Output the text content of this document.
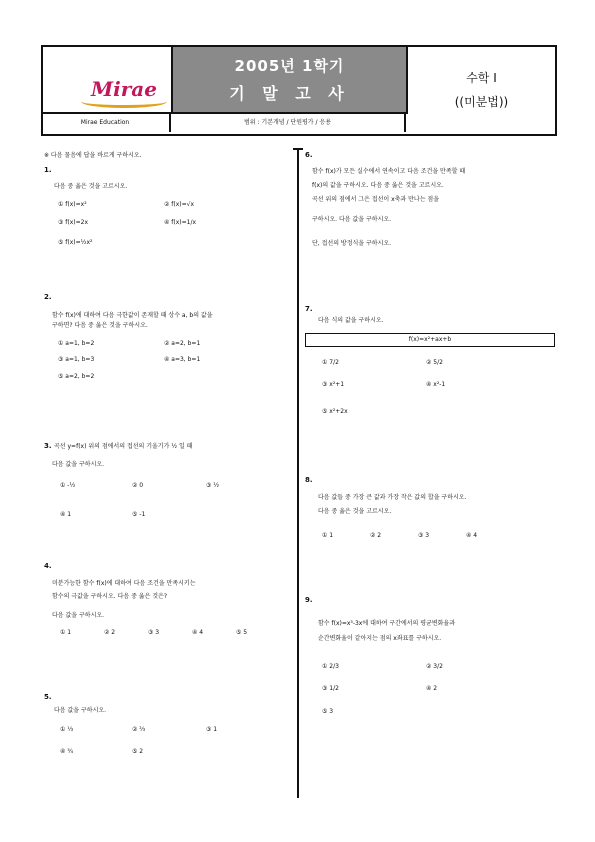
Mirae
2005년 1학기
기 말 고 사
수학 I
((미분법))
Mirae Education	범위 : 기본개념 / 단원평가 / 응용
※ 다음 물음에 답을 바르게 구하시오.
1.
다음 중 옳은 것을 고르시오.
① f(x)=x²	② f(x)=√x
③ f(x)=2x	④ f(x)=1/x
⑤ f(x)=½x²
2.
함수 f(x)에 대하여 다음 극한값이 존재할 때 상수 a, b의 값을
구하면? 다음 중 옳은 것을 구하시오.
① a=1, b=2	② a=2, b=1
③ a=1, b=3	④ a=3, b=1
⑤ a=2, b=2
3. 곡선 y=f(x) 위의 점에서의 접선의 기울기가 ½ 일 때
다음 값을 구하시오.
① -½	② 0	③ ½
④ 1	⑤ -1
4.
미분가능한 함수 f(x)에 대하여 다음 조건을 만족시키는
함수의 극값을 구하시오. 다음 중 옳은 것은?
다음 값을 구하시오.
① 1	② 2	③ 3	④ 4	⑤ 5
5.
다음 값을 구하시오.
① ⅓	② ⅔	③ 1
④ ¾	⑤ 2
6.
함수 f(x)가 모든 실수에서 연속이고 다음 조건을 만족할 때
f(x)의 값을 구하시오. 다음 중 옳은 것을 고르시오.
곡선 위의 점에서 그은 접선이 x축과 만나는 점을
구하시오. 다음 값을 구하시오.
단, 접선의 방정식을 구하시오.
7.
다음 식의 값을 구하시오.
f(x)=x²+ax+b
① 7/2	② 5/2
③ x²+1	④ x²-1
⑤ x²+2x
8.
다음 값들 중 가장 큰 값과 가장 작은 값의 합을 구하시오.
다음 중 옳은 것을 고르시오.
① 1	② 2	③ 3	④ 4
9.
함수 f(x)=x³-3x에 대하여 구간에서의 평균변화율과
순간변화율이 같아지는 점의 x좌표를 구하시오.
① 2/3	② 3/2
③ 1/2	④ 2
⑤ 3
